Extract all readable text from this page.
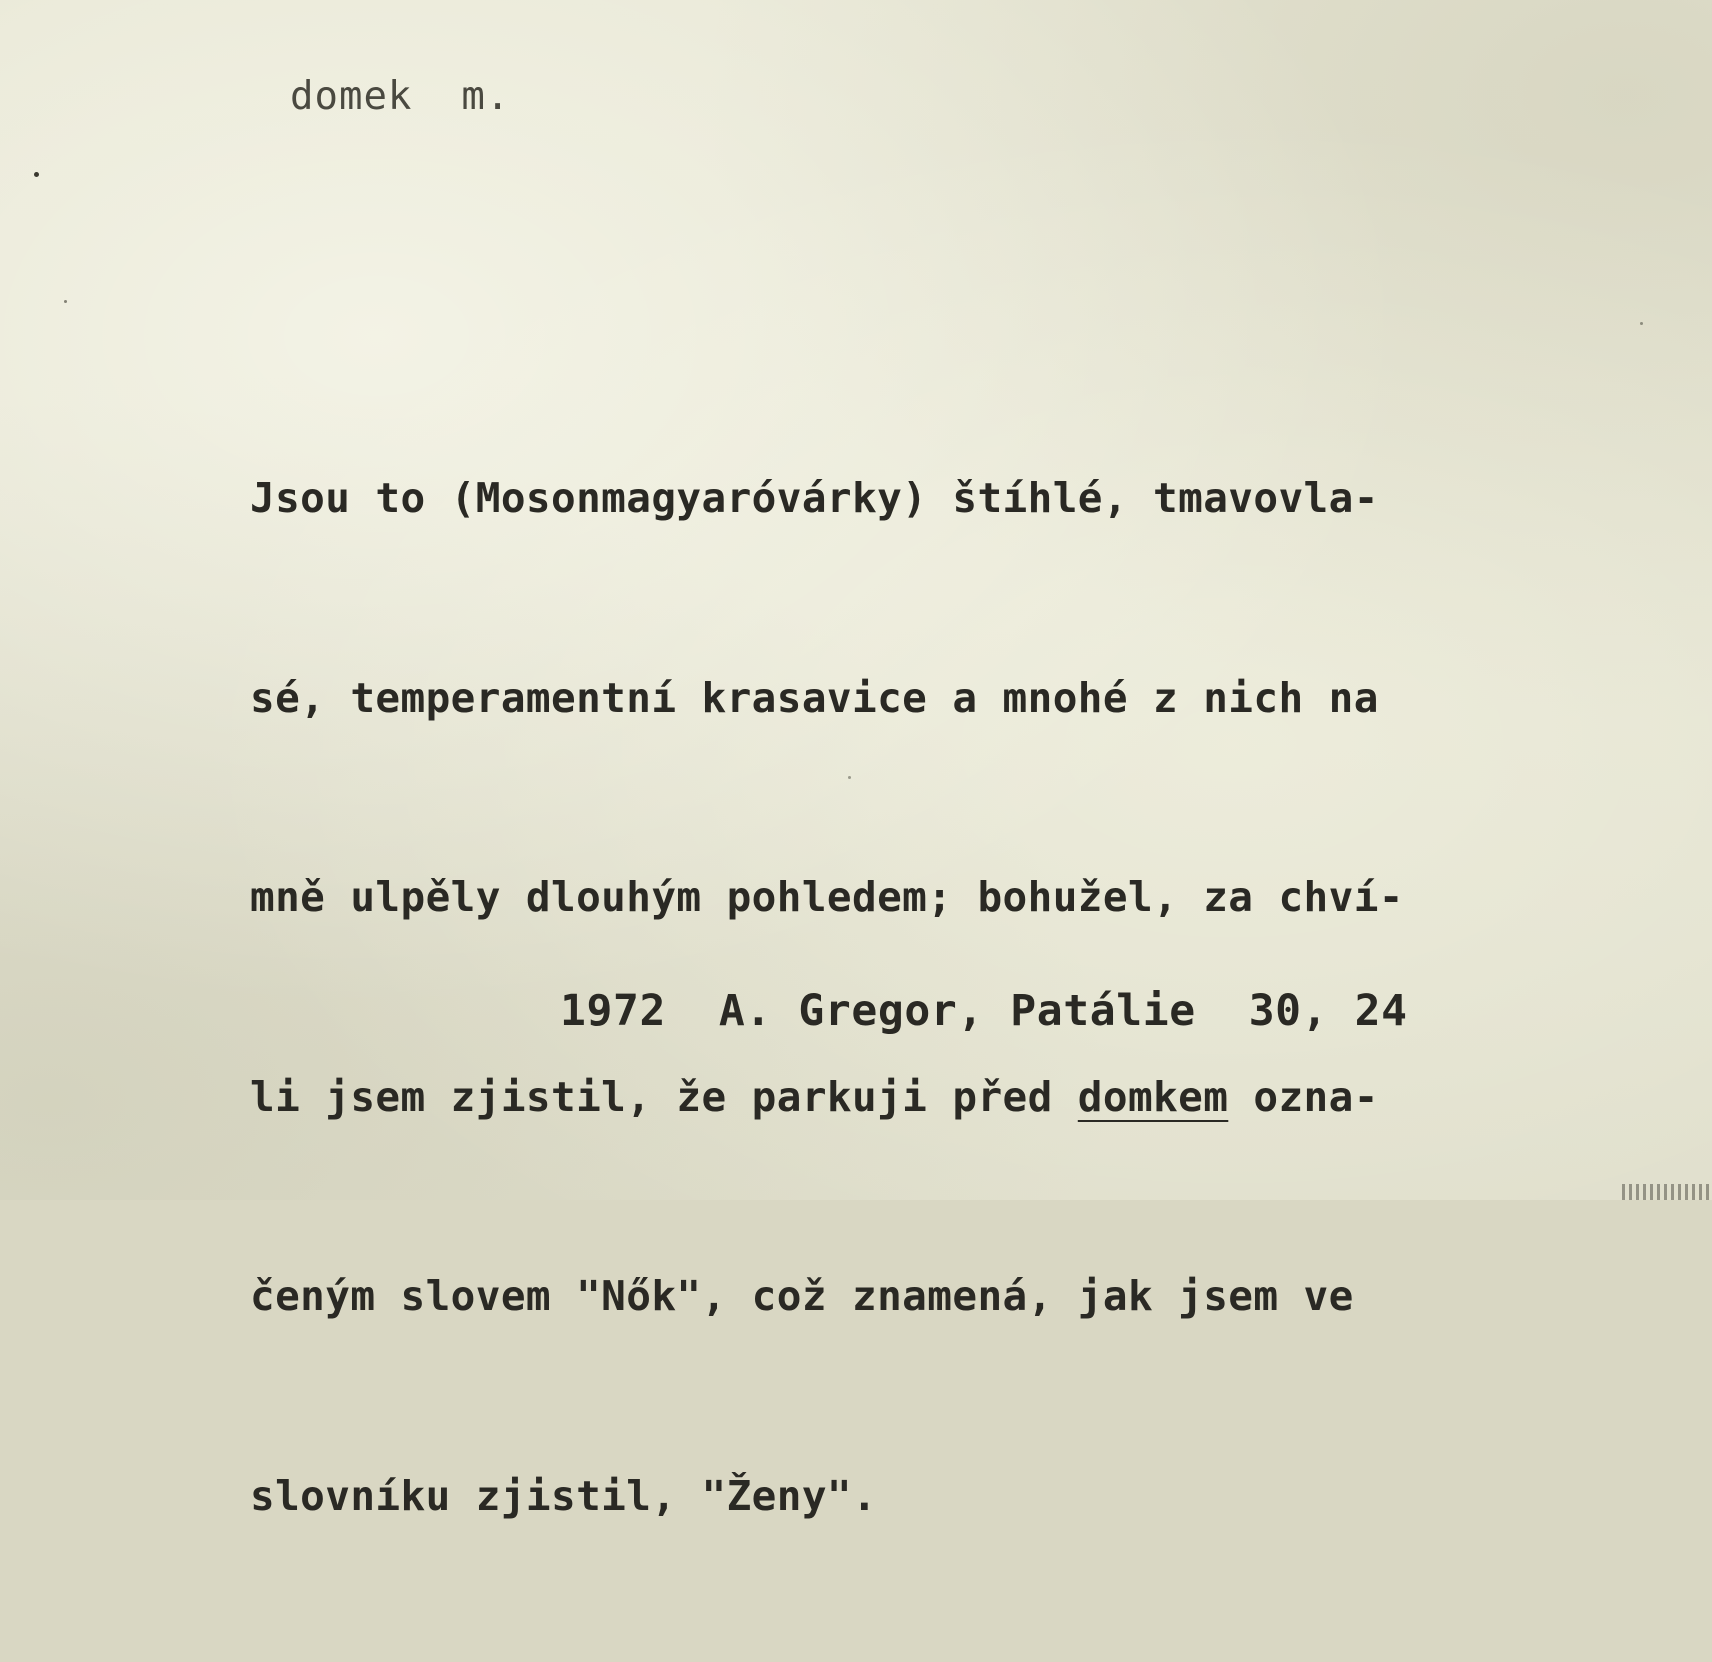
domek  m.

Jsou to (Mosonmagyaróvárky) štíhlé, tmavovla-

sé, temperamentní krasavice a mnohé z nich na

mně ulpěly dlouhým pohledem; bohužel, za chví-

li jsem zjistil, že parkuji před domkem ozna-

čeným slovem "Nők", což znamená, jak jsem ve

slovníku zjistil, "Ženy".

1972  A. Gregor, Patálie  30, 24
